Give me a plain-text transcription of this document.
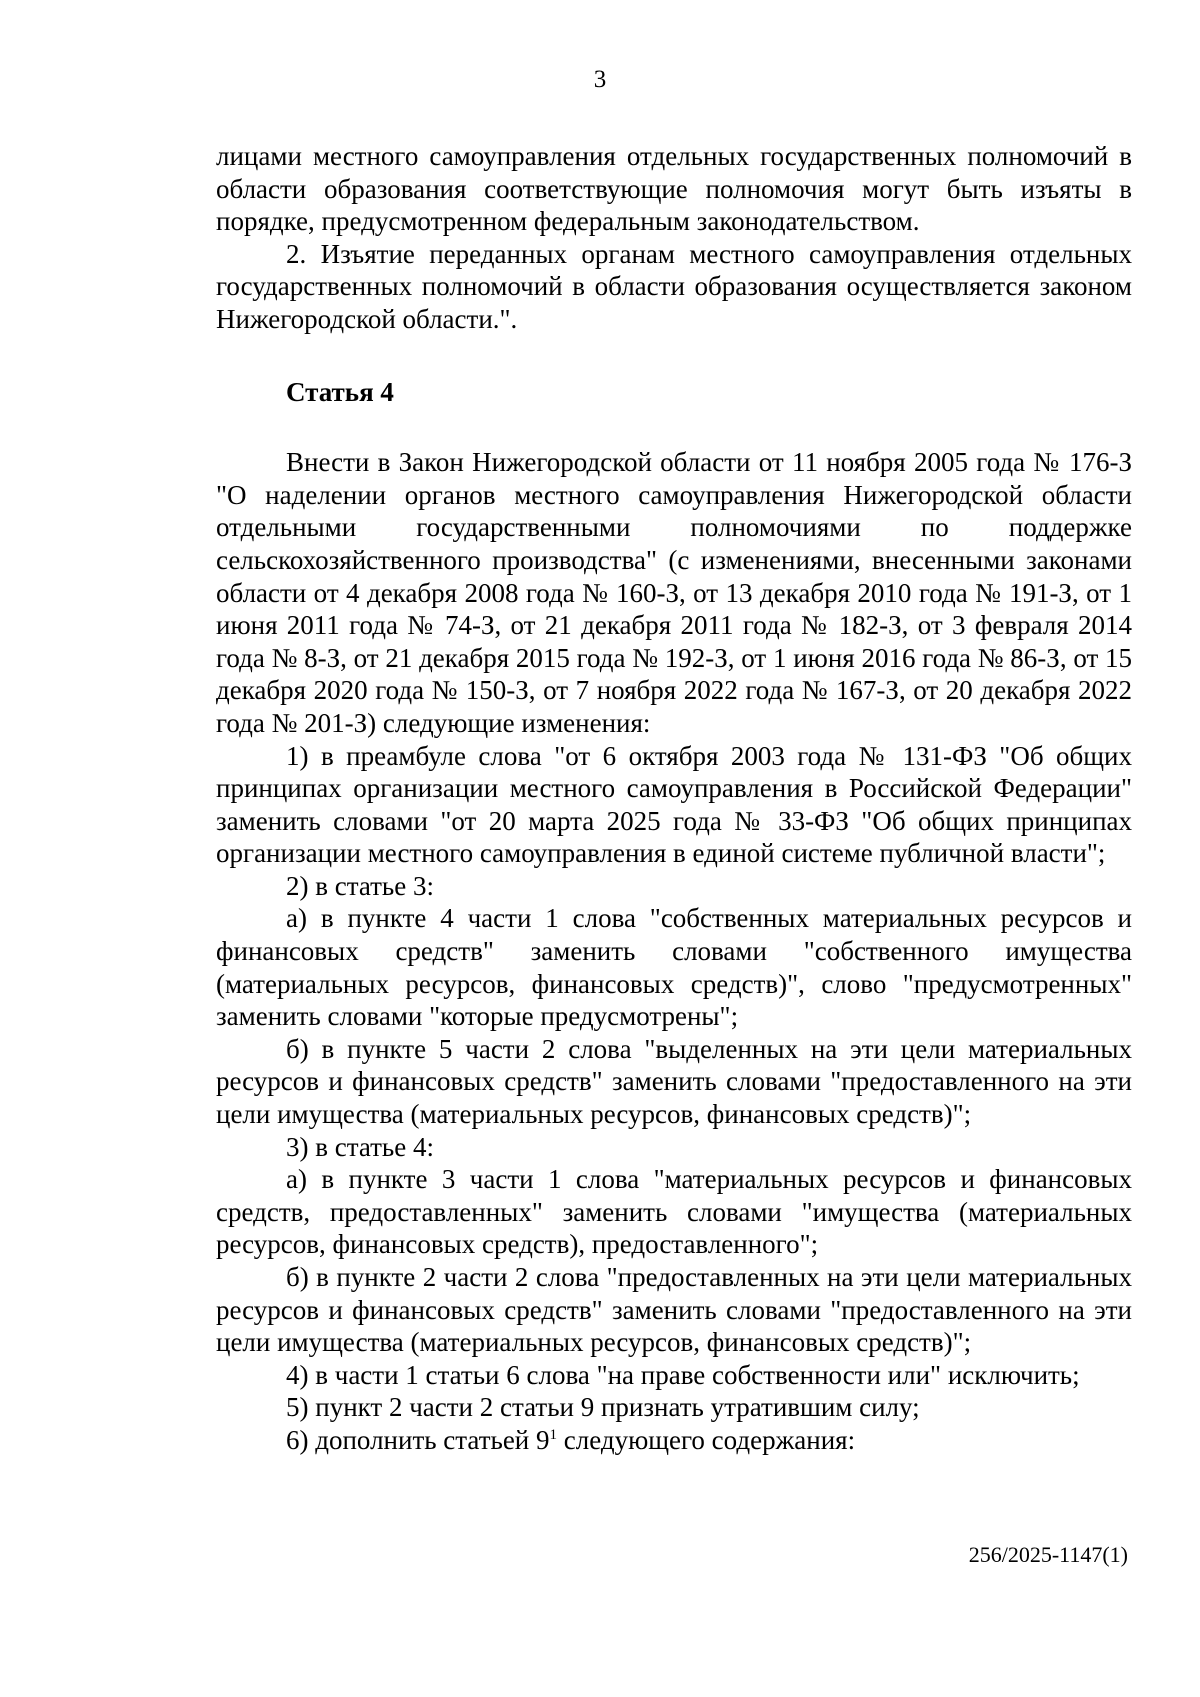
3

лицами местного самоуправления отдельных государственных полномочий в области образования соответствующие полномочия могут быть изъяты в порядке, предусмотренном федеральным законодательством.

2. Изъятие переданных органам местного самоуправления отдельных государственных полномочий в области образования осуществляется законом Нижегородской области.".

Статья 4

Внести в Закон Нижегородской области от 11 ноября 2005 года № 176-З "О наделении органов местного самоуправления Нижегородской области отдельными государственными полномочиями по поддержке сельскохозяйственного производства" (с изменениями, внесенными законами области от 4 декабря 2008 года № 160-З, от 13 декабря 2010 года № 191-З, от 1 июня 2011 года № 74-З, от 21 декабря 2011 года № 182-З, от 3 февраля 2014 года № 8-З, от 21 декабря 2015 года № 192-З, от 1 июня 2016 года № 86-З, от 15 декабря 2020 года № 150-З, от 7 ноября 2022 года № 167-З, от 20 декабря 2022 года № 201-З) следующие изменения:

1) в преамбуле слова "от 6 октября 2003 года № 131-ФЗ "Об общих принципах организации местного самоуправления в Российской Федерации" заменить словами "от 20 марта 2025 года № 33-ФЗ "Об общих принципах организации местного самоуправления в единой системе публичной власти";

2) в статье 3:

а) в пункте 4 части 1 слова "собственных материальных ресурсов и финансовых средств" заменить словами "собственного имущества (материальных ресурсов, финансовых средств)", слово "предусмотренных" заменить словами "которые предусмотрены";

б) в пункте 5 части 2 слова "выделенных на эти цели материальных ресурсов и финансовых средств" заменить словами "предоставленного на эти цели имущества (материальных ресурсов, финансовых средств)";

3) в статье 4:

а) в пункте 3 части 1 слова "материальных ресурсов и финансовых средств, предоставленных" заменить словами "имущества (материальных ресурсов, финансовых средств), предоставленного";

б) в пункте 2 части 2 слова "предоставленных на эти цели материальных ресурсов и финансовых средств" заменить словами "предоставленного на эти цели имущества (материальных ресурсов, финансовых средств)";

4) в части 1 статьи 6 слова "на праве собственности или" исключить;

5) пункт 2 части 2 статьи 9 признать утратившим силу;

6) дополнить статьей $9^1$ следующего содержания:

256/2025-1147(1)
